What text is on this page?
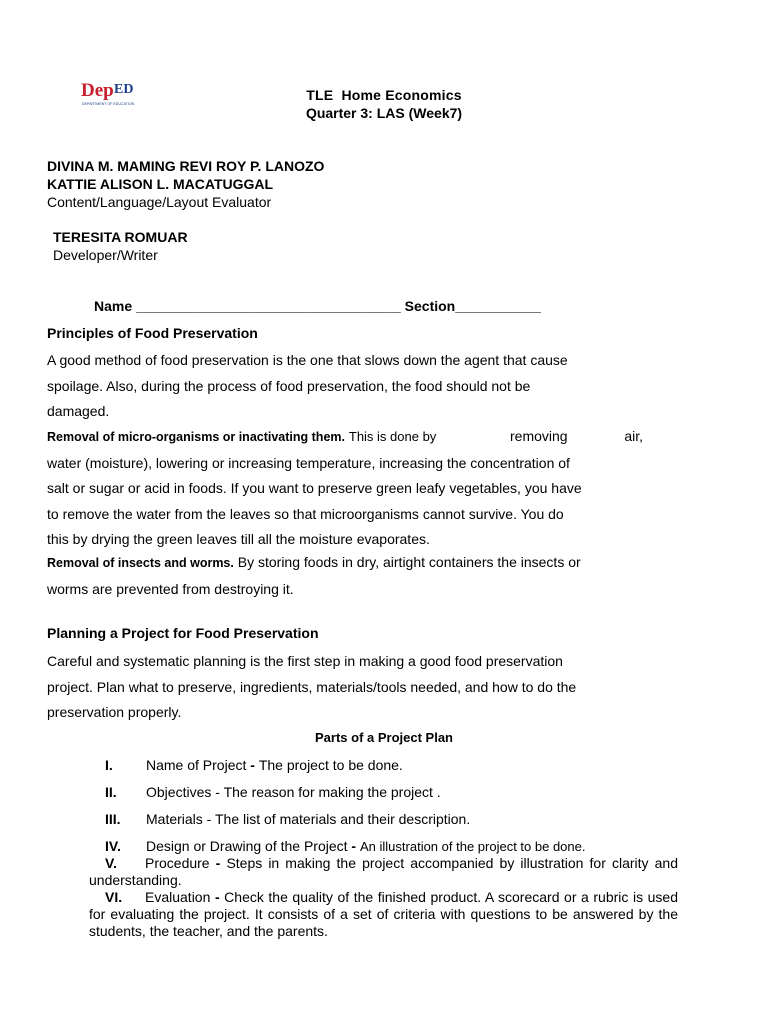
Dep ED
DEPARTMENT OF EDUCATION
TLE  Home Economics
Quarter 3: LAS (Week7)
DIVINA M. MAMING REVI ROY P. LANOZO
KATTIE ALISON L. MACATUGGAL
Content/Language/Layout Evaluator
TERESITA ROMUAR
Developer/Writer
Name __________________________________ Section___________
Principles of Food Preservation
A good method of food preservation is the one that slows down the agent that cause
spoilage. Also, during the process of food preservation, the food should not be
damaged.
Removal of micro-organisms or inactivating them. This is done by	removing	air,
water (moisture), lowering or increasing temperature, increasing the concentration of
salt or sugar or acid in foods. If you want to preserve green leafy vegetables, you have
to remove the water from the leaves so that microorganisms cannot survive. You do
this by drying the green leaves till all the moisture evaporates.
Removal of insects and worms. By storing foods in dry, airtight containers the insects or
worms are prevented from destroying it.
Planning a Project for Food Preservation
Careful and systematic planning is the first step in making a good food preservation
project. Plan what to preserve, ingredients, materials/tools needed, and how to do the
preservation properly.
Parts of a Project Plan
I. Name of Project - The project to be done.
II. Objectives - The reason for making the project .
III. Materials - The list of materials and their description.
IV. Design or Drawing of the Project - An illustration of the project to be done.
V. Procedure - Steps in making the project accompanied by illustration for clarity and understanding.
VI. Evaluation - Check the quality of the finished product. A scorecard or a rubric is used for evaluating the project. It consists of a set of criteria with questions to be answered by the students, the teacher, and the parents.
